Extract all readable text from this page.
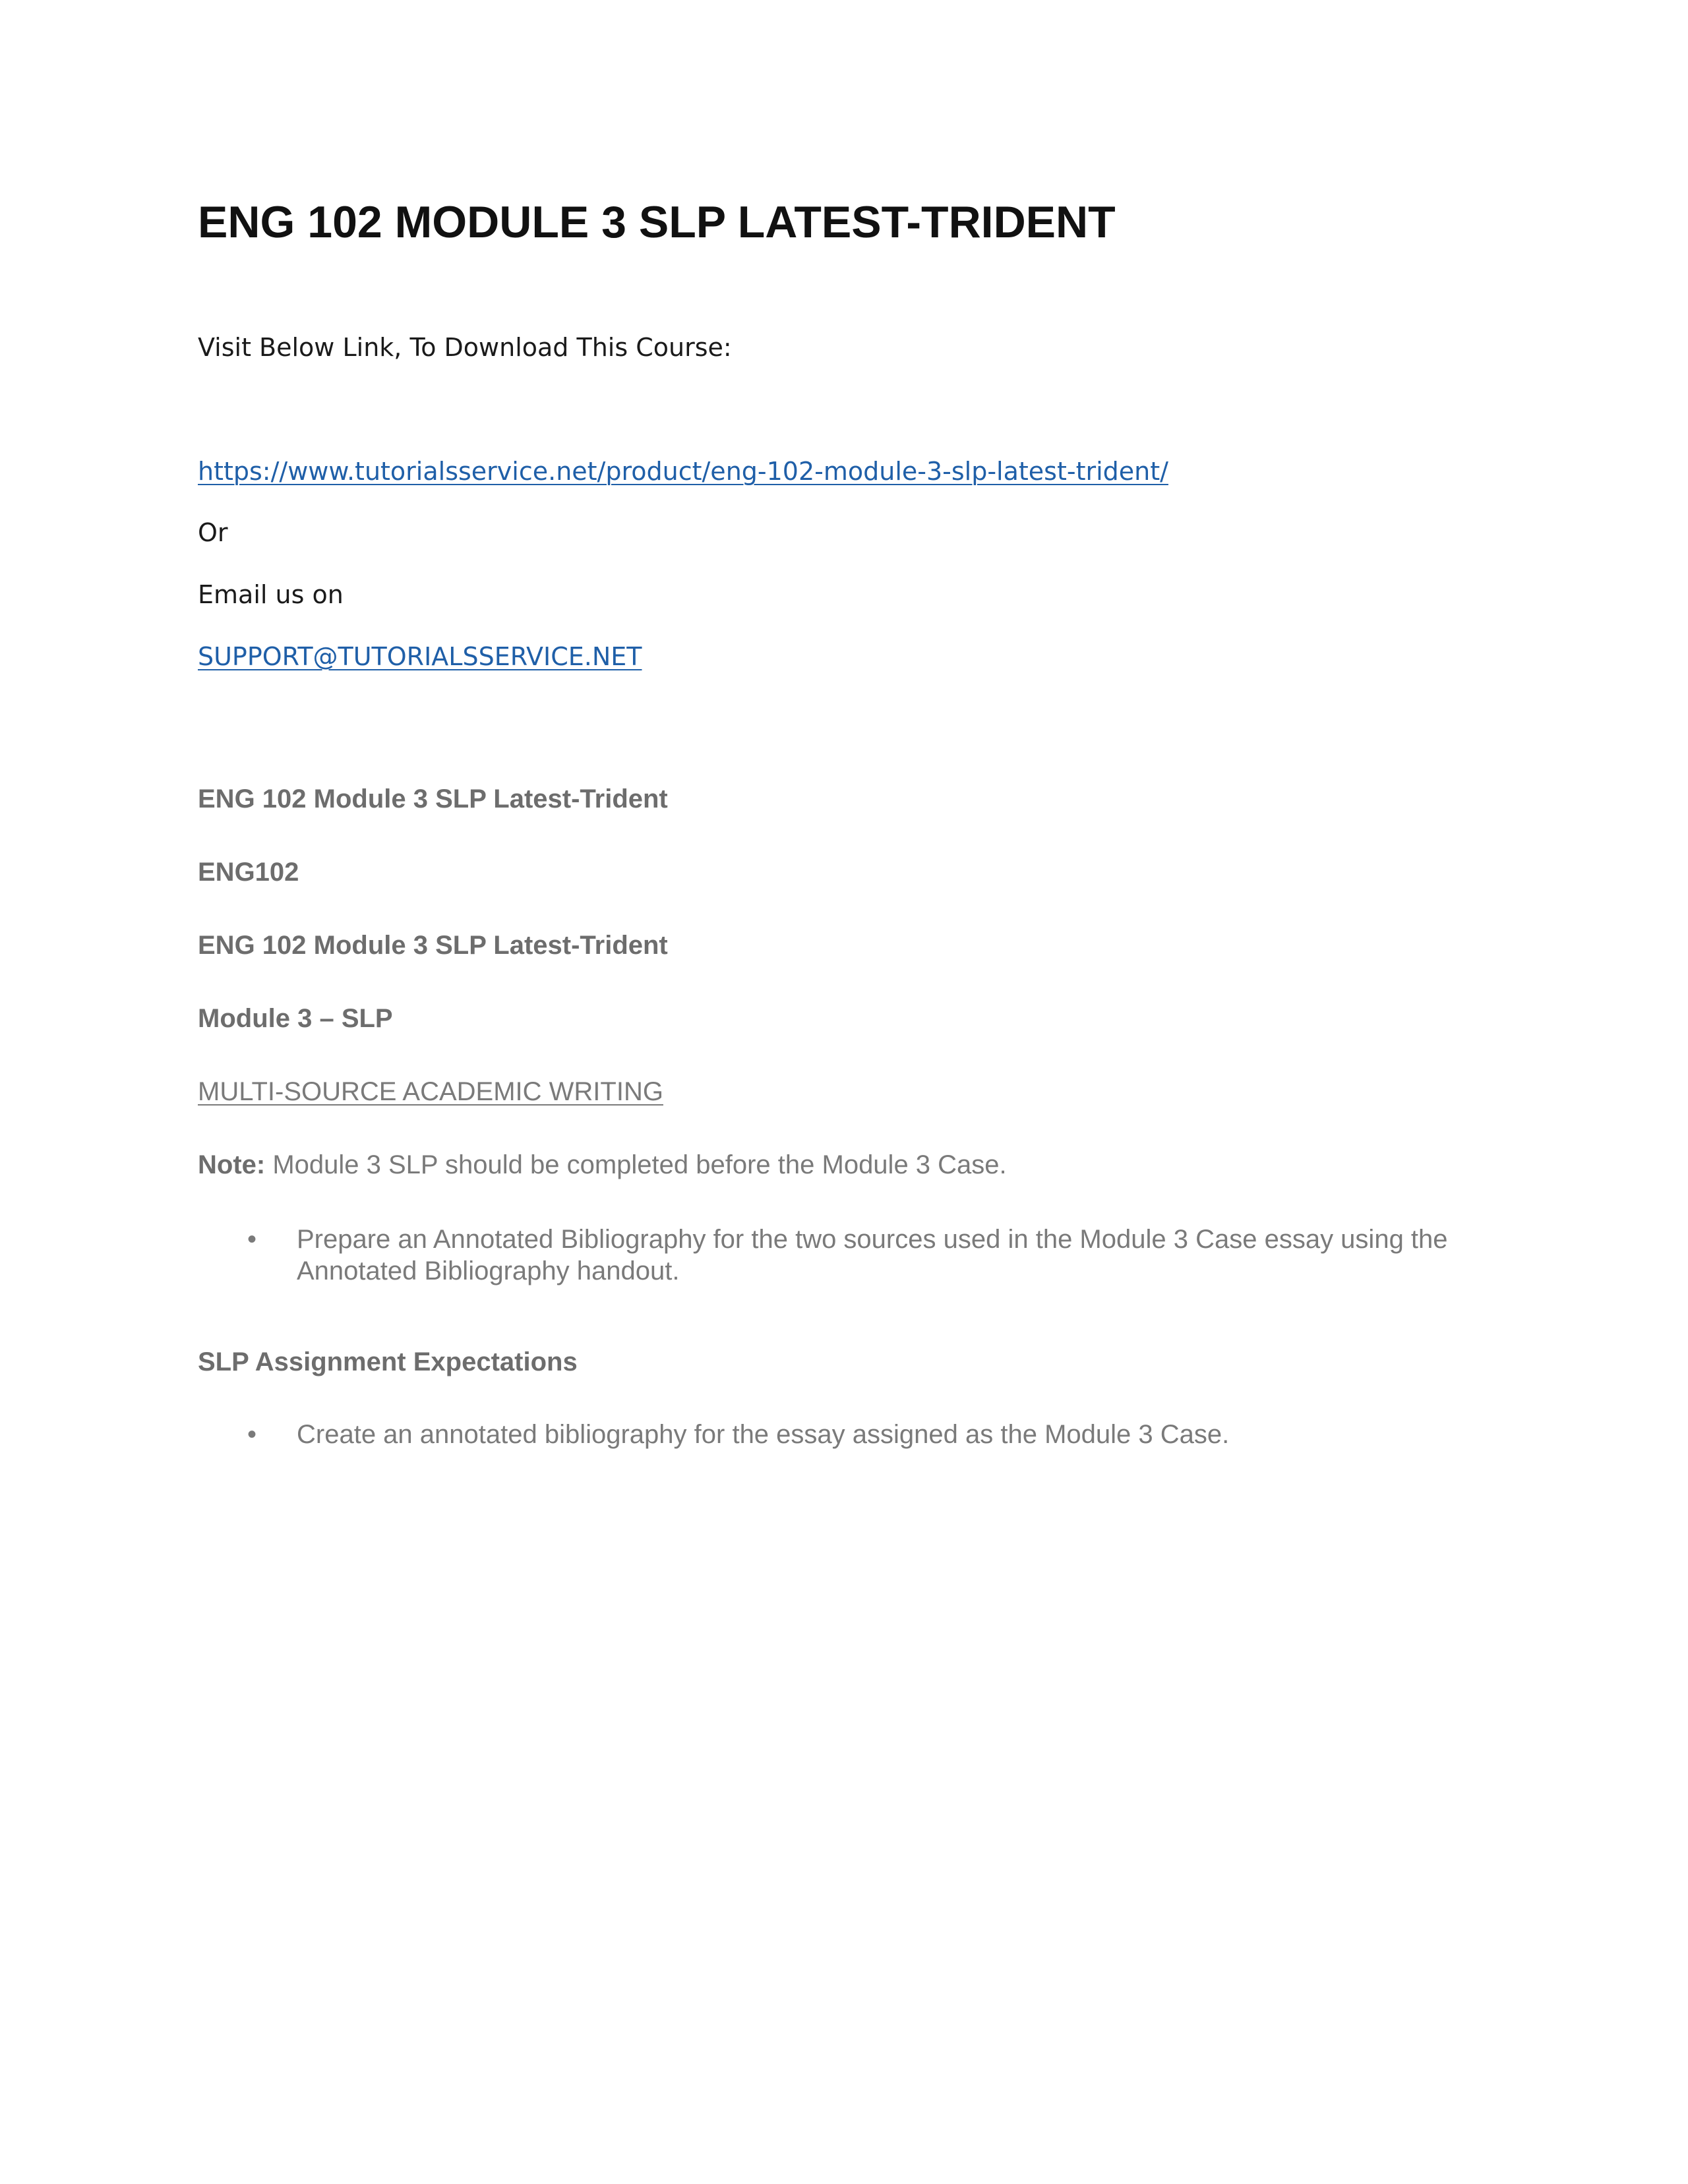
ENG 102 MODULE 3 SLP LATEST-TRIDENT

Visit Below Link, To Download This Course:

https://www.tutorialsservice.net/product/eng-102-module-3-slp-latest-trident/

Or

Email us on

SUPPORT@TUTORIALSSERVICE.NET

ENG 102 Module 3 SLP Latest-Trident

ENG102

ENG 102 Module 3 SLP Latest-Trident

Module 3 – SLP

MULTI-SOURCE ACADEMIC WRITING

Note: Module 3 SLP should be completed before the Module 3 Case.

•	Prepare an Annotated Bibliography for the two sources used in the Module 3 Case essay using the Annotated Bibliography handout.

SLP Assignment Expectations

•	Create an annotated bibliography for the essay assigned as the Module 3 Case.
